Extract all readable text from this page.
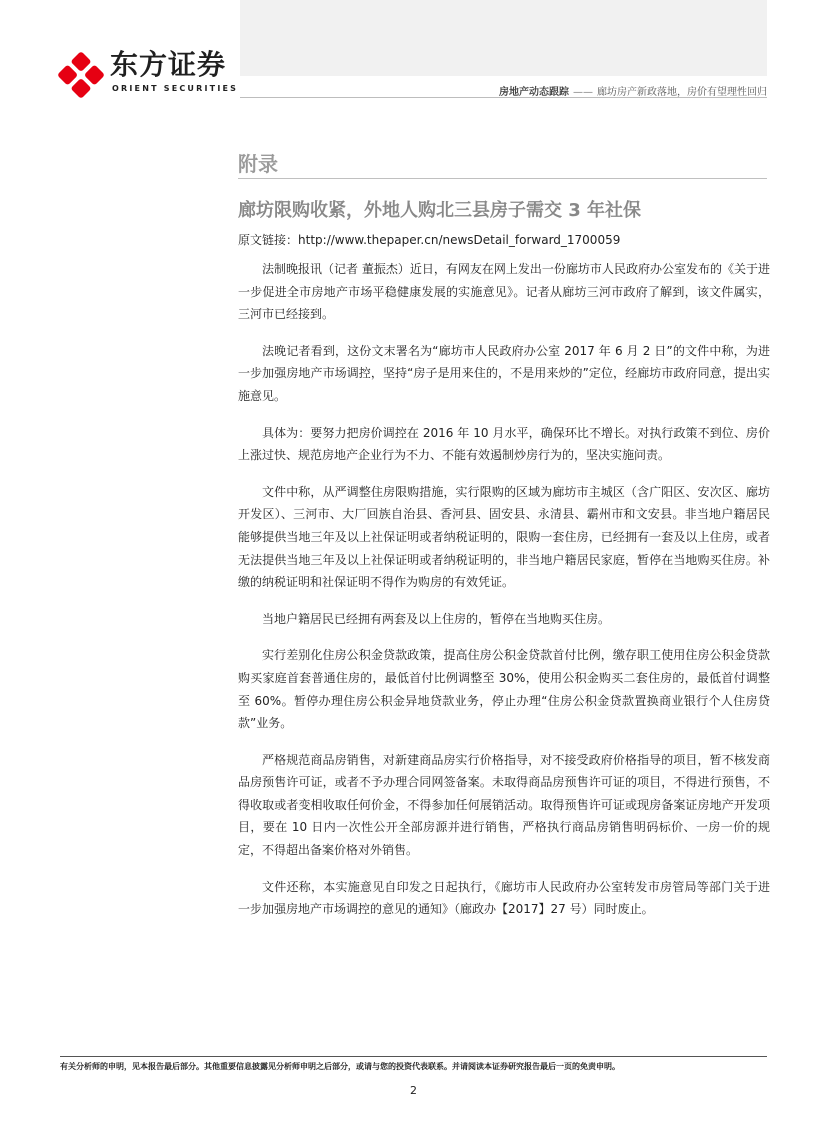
东方证券
ORIENT SECURITIES	房地产动态跟踪 —— 廊坊房产新政落地，房价有望理性回归
附录
廊坊限购收紧，外地人购北三县房子需交 3 年社保
原文链接：http://www.thepaper.cn/newsDetail_forward_1700059

法制晚报讯（记者 董振杰）近日，有网友在网上发出一份廊坊市人民政府办公室发布的《关于进一步促进全市房地产市场平稳健康发展的实施意见》。记者从廊坊三河市政府了解到，该文件属实，三河市已经接到。

法晚记者看到，这份文末署名为“廊坊市人民政府办公室 2017 年 6 月 2 日”的文件中称，为进一步加强房地产市场调控，坚持“房子是用来住的，不是用来炒的”定位，经廊坊市政府同意，提出实施意见。

具体为：要努力把房价调控在 2016 年 10 月水平，确保环比不增长。对执行政策不到位、房价上涨过快、规范房地产企业行为不力、不能有效遏制炒房行为的，坚决实施问责。

文件中称，从严调整住房限购措施，实行限购的区域为廊坊市主城区（含广阳区、安次区、廊坊开发区）、三河市、大厂回族自治县、香河县、固安县、永清县、霸州市和文安县。非当地户籍居民能够提供当地三年及以上社保证明或者纳税证明的，限购一套住房，已经拥有一套及以上住房，或者无法提供当地三年及以上社保证明或者纳税证明的，非当地户籍居民家庭，暂停在当地购买住房。补缴的纳税证明和社保证明不得作为购房的有效凭证。

当地户籍居民已经拥有两套及以上住房的，暂停在当地购买住房。

实行差别化住房公积金贷款政策，提高住房公积金贷款首付比例，缴存职工使用住房公积金贷款购买家庭首套普通住房的，最低首付比例调整至 30%，使用公积金购买二套住房的，最低首付调整至 60%。暂停办理住房公积金异地贷款业务，停止办理“住房公积金贷款置换商业银行个人住房贷款”业务。

严格规范商品房销售，对新建商品房实行价格指导，对不接受政府价格指导的项目，暂不核发商品房预售许可证，或者不予办理合同网签备案。未取得商品房预售许可证的项目，不得进行预售，不得收取或者变相收取任何价金，不得参加任何展销活动。取得预售许可证或现房备案证房地产开发项目，要在 10 日内一次性公开全部房源并进行销售，严格执行商品房销售明码标价、一房一价的规定，不得超出备案价格对外销售。

文件还称，本实施意见自印发之日起执行，《廊坊市人民政府办公室转发市房管局等部门关于进一步加强房地产市场调控的意见的通知》（廊政办【2017】27 号）同时废止。

有关分析师的申明，见本报告最后部分。其他重要信息披露见分析师申明之后部分，或请与您的投资代表联系。并请阅读本证券研究报告最后一页的免责申明。
2
